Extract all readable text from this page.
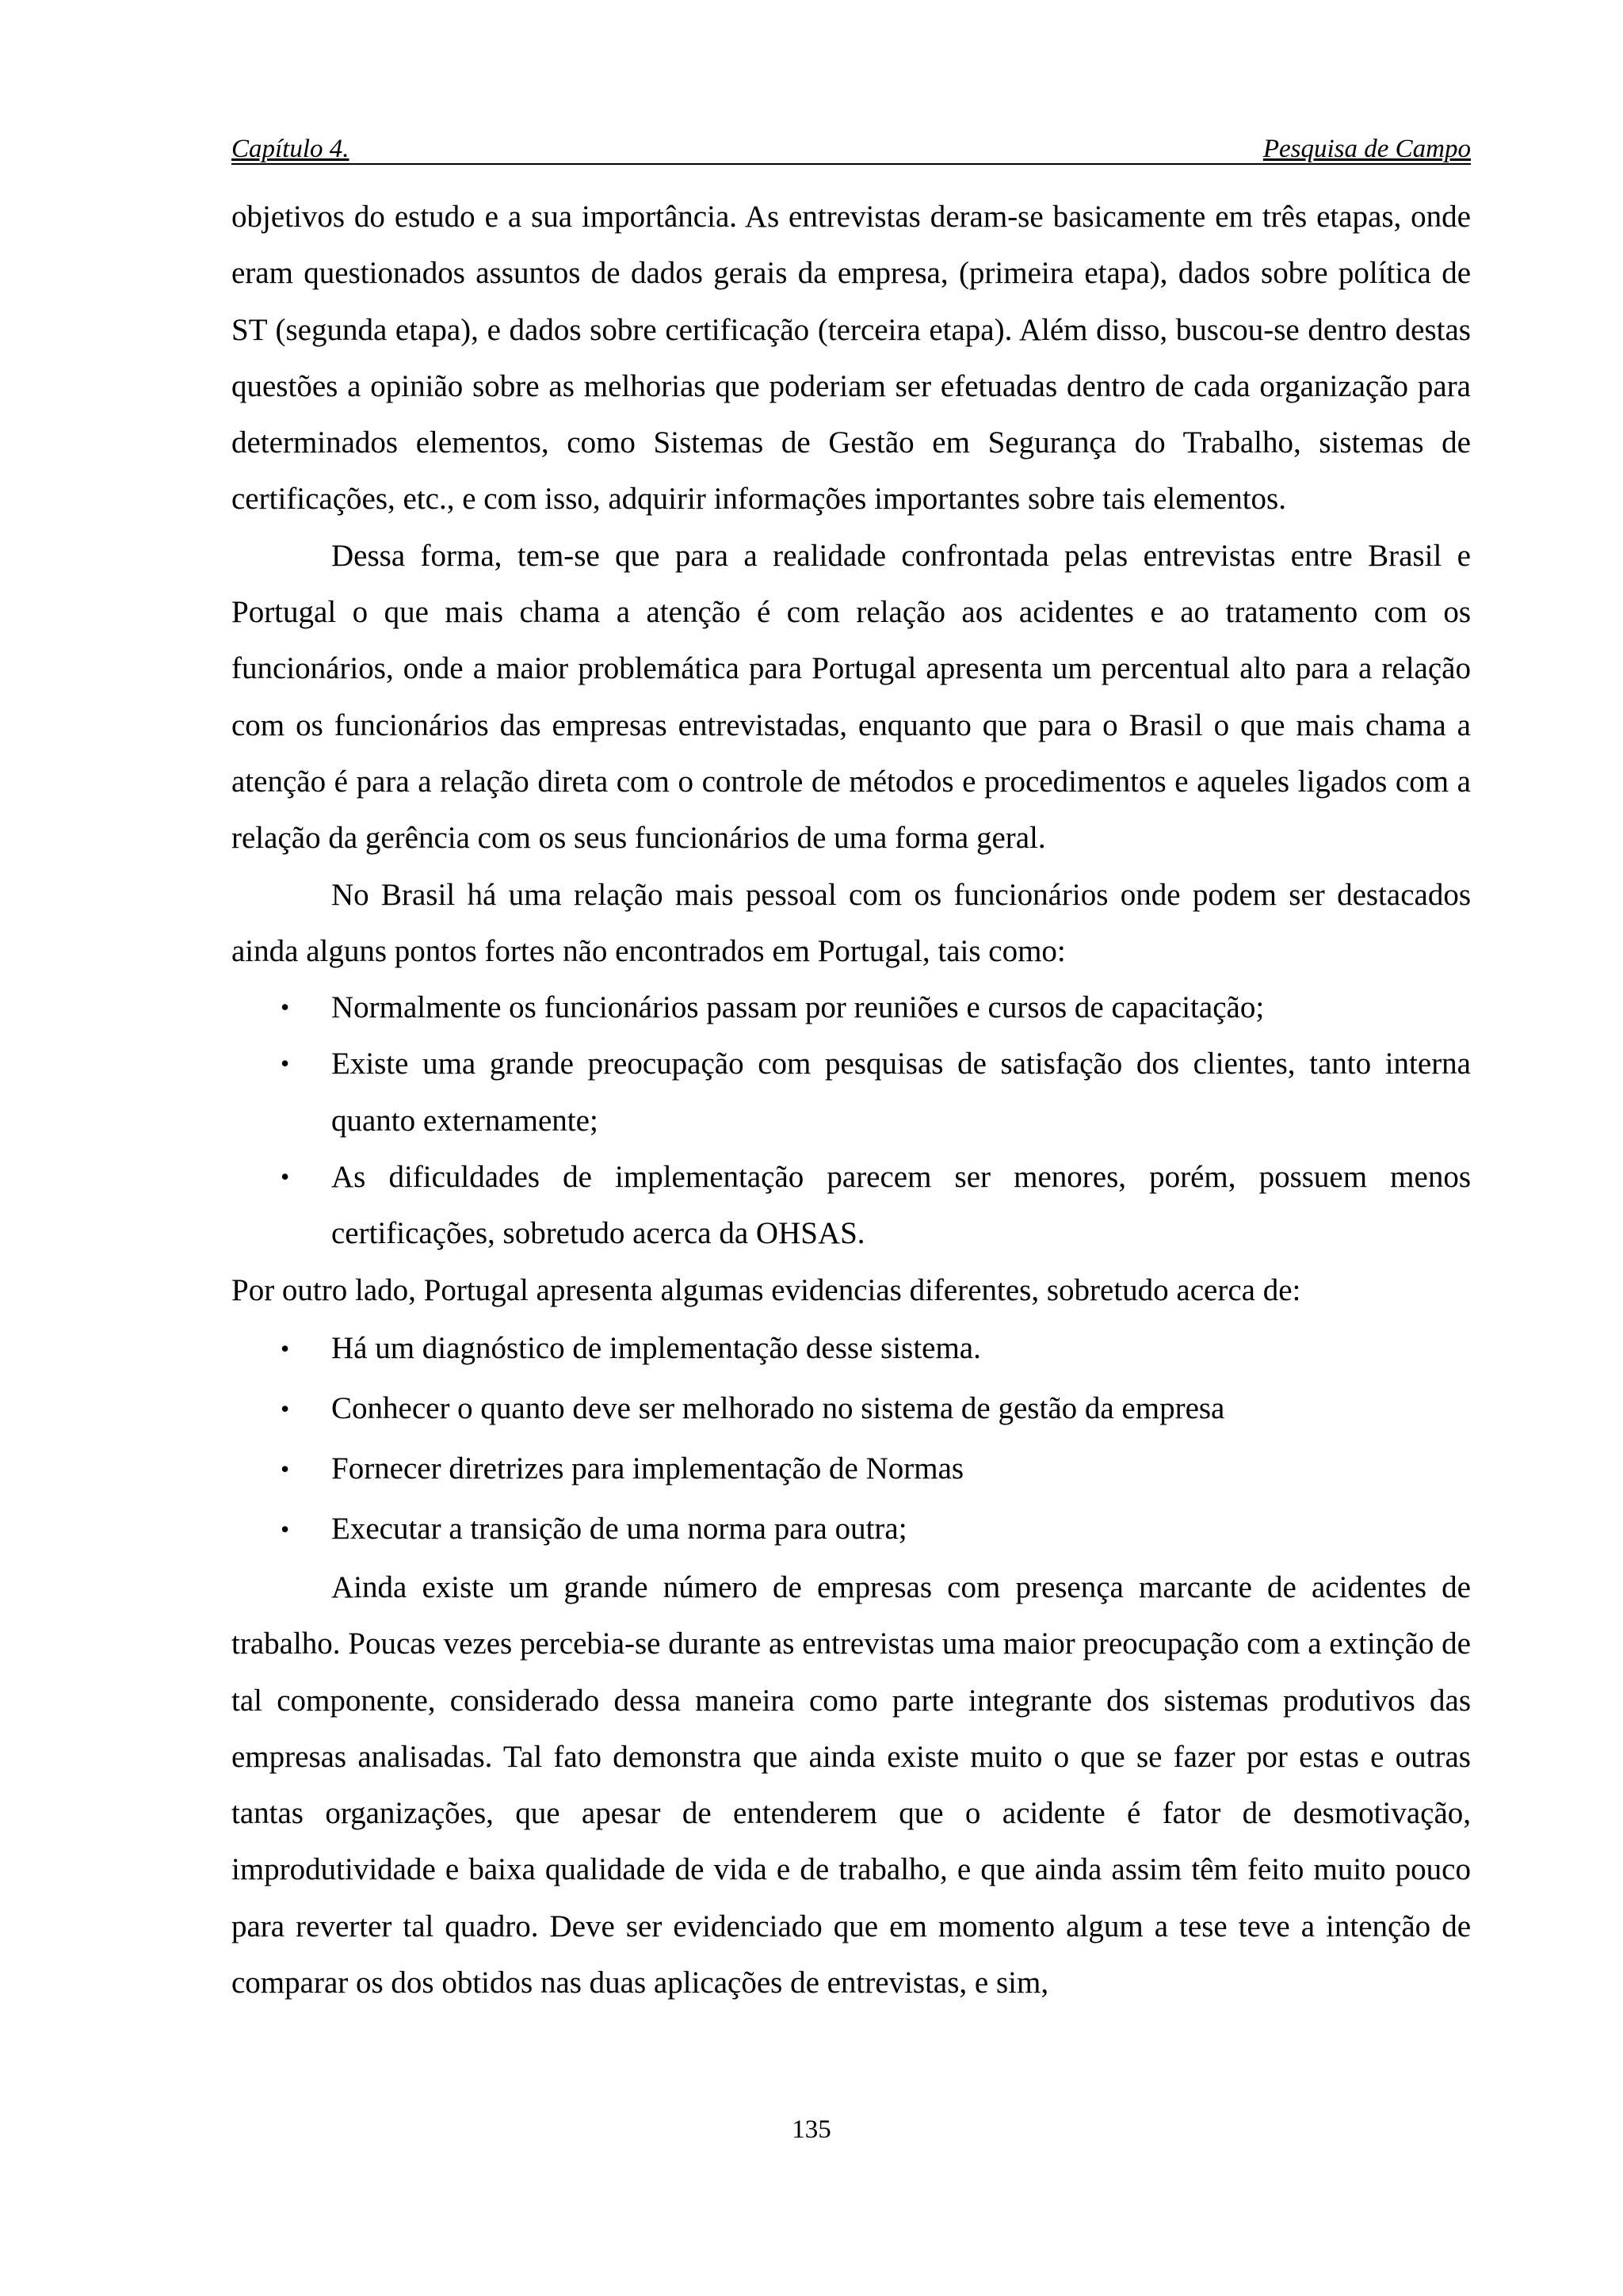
Capítulo 4.	Pesquisa de Campo

objetivos do estudo e a sua importância. As entrevistas deram-se basicamente em três etapas, onde eram questionados assuntos de dados gerais da empresa, (primeira etapa), dados sobre política de ST (segunda etapa), e dados sobre certificação (terceira etapa). Além disso, buscou-se dentro destas questões a opinião sobre as melhorias que poderiam ser efetuadas dentro de cada organização para determinados elementos, como Sistemas de Gestão em Segurança do Trabalho, sistemas de certificações, etc., e com isso, adquirir informações importantes sobre tais elementos.

Dessa forma, tem-se que para a realidade confrontada pelas entrevistas entre Brasil e Portugal o que mais chama a atenção é com relação aos acidentes e ao tratamento com os funcionários, onde a maior problemática para Portugal apresenta um percentual alto para a relação com os funcionários das empresas entrevistadas, enquanto que para o Brasil o que mais chama a atenção é para a relação direta com o controle de métodos e procedimentos e aqueles ligados com a relação da gerência com os seus funcionários de uma forma geral.

No Brasil há uma relação mais pessoal com os funcionários onde podem ser destacados ainda alguns pontos fortes não encontrados em Portugal, tais como:

• Normalmente os funcionários passam por reuniões e cursos de capacitação;
• Existe uma grande preocupação com pesquisas de satisfação dos clientes, tanto interna quanto externamente;
• As dificuldades de implementação parecem ser menores, porém, possuem menos certificações, sobretudo acerca da OHSAS.

Por outro lado, Portugal apresenta algumas evidencias diferentes, sobretudo acerca de:

• Há um diagnóstico de implementação desse sistema.
• Conhecer o quanto deve ser melhorado no sistema de gestão da empresa
• Fornecer diretrizes para implementação de Normas
• Executar a transição de uma norma para outra;

Ainda existe um grande número de empresas com presença marcante de acidentes de trabalho. Poucas vezes percebia-se durante as entrevistas uma maior preocupação com a extinção de tal componente, considerado dessa maneira como parte integrante dos sistemas produtivos das empresas analisadas. Tal fato demonstra que ainda existe muito o que se fazer por estas e outras tantas organizações, que apesar de entenderem que o acidente é fator de desmotivação, improdutividade e baixa qualidade de vida e de trabalho, e que ainda assim têm feito muito pouco para reverter tal quadro. Deve ser evidenciado que em momento algum a tese teve a intenção de comparar os dos obtidos nas duas aplicações de entrevistas, e sim,

135
